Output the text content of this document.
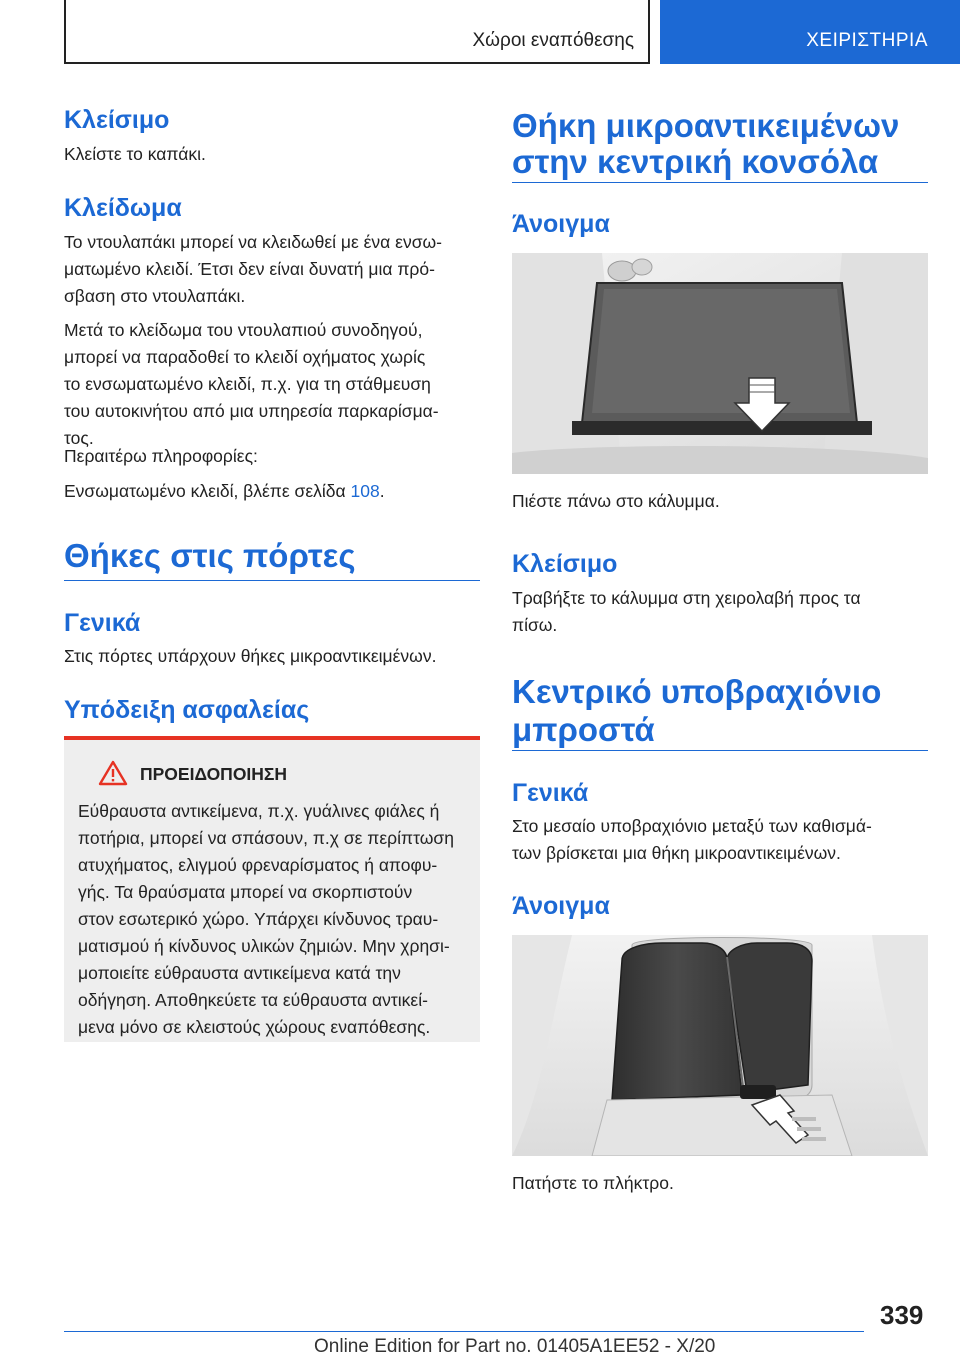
Χώροι εναπόθεσης	ΧΕΙΡΙΣΤΗΡΙΑ
Κλείσιμο

Κλείστε το καπάκι.

Κλείδωμα

Το ντουλαπάκι μπορεί να κλειδωθεί με ένα ενσω-

ματωμένο κλειδί. Έτσι δεν είναι δυνατή μια πρό-

σβαση στο ντουλαπάκι.

Μετά το κλείδωμα του ντουλαπιού συνοδηγού,

μπορεί να παραδοθεί το κλειδί οχήματος χωρίς

το ενσωματωμένο κλειδί, π.χ. για τη στάθμευση

του αυτοκινήτου από μια υπηρεσία παρκαρίσμα-

τος.

Περαιτέρω πληροφορίες:

Ενσωματωμένο κλειδί, βλέπε σελίδα 108.

Θήκες στις πόρτες
Γενικά

Στις πόρτες υπάρχουν θήκες μικροαντικειμένων.

Υπόδειξη ασφαλείας
ΠΡΟΕΙΔΟΠΟΙΗΣΗ

Εύθραυστα αντικείμενα, π.χ. γυάλινες φιάλες ή

ποτήρια, μπορεί να σπάσουν, π.χ σε περίπτωση

ατυχήματος, ελιγμού φρεναρίσματος ή αποφυ-

γής. Τα θραύσματα μπορεί να σκορπιστούν

στον εσωτερικό χώρο. Υπάρχει κίνδυνος τραυ-

ματισμού ή κίνδυνος υλικών ζημιών. Μην χρησι-

μοποιείτε εύθραυστα αντικείμενα κατά την

οδήγηση. Αποθηκεύετε τα εύθραυστα αντικεί-

μενα μόνο σε κλειστούς χώρους εναπόθεσης.

Θήκη μικροαντικειμένων
στην κεντρική κονσόλα
Άνοιγμα

Πιέστε πάνω στο κάλυμμα.

Κλείσιμο

Τραβήξτε το κάλυμμα στη χειρολαβή προς τα

πίσω.

Κεντρικό υποβραχιόνιο
μπροστά
Γενικά

Στο μεσαίο υποβραχιόνιο μεταξύ των καθισμά-

των βρίσκεται μια θήκη μικροαντικειμένων.

Άνοιγμα

Πατήστε το πλήκτρο.

339
Online Edition for Part no. 01405A1EE52 - X/20
